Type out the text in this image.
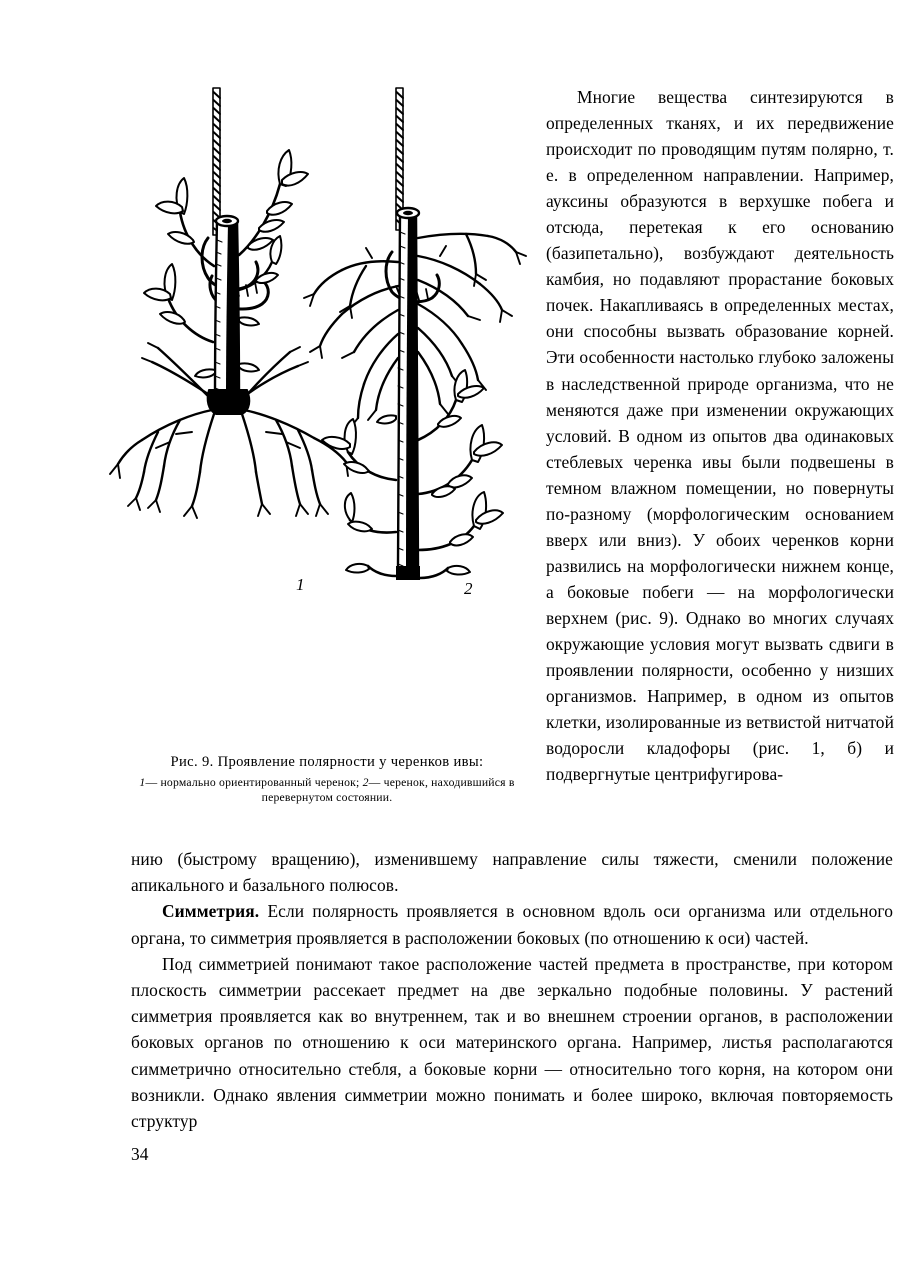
1	2
Рис. 9. Проявление полярности у черенков ивы:
1— нормально ориентированный черенок; 2— черенок, находившийся в перевернутом состоянии.

Многие вещества синтезируются в определенных тканях, и их передвижение происходит по проводящим путям полярно, т. е. в определенном направлении. Например, ауксины образуются в верхушке побега и отсюда, перетекая к его основанию (базипетально), возбуждают деятельность камбия, но подавляют прорастание боковых почек. Накапливаясь в определенных местах, они способны вызвать образование корней. Эти особенности настолько глубоко заложены в наследственной природе организма, что не меняются даже при изменении окружающих условий. В одном из опытов два одинаковых стеблевых черенка ивы были подвешены в темном влажном помещении, но повернуты по-разному (морфологическим основанием вверх или вниз). У обоих черенков корни развились на морфологически нижнем конце, а боковые побеги — на морфологически верхнем (рис. 9). Однако во многих случаях окружающие условия могут вызвать сдвиги в проявлении полярности, особенно у низших организмов. Например, в одном из опытов клетки, изолированные из ветвистой нитчатой водоросли кладофоры (рис. 1, б) и подвергнутые центрифугирова-

нию (быстрому вращению), изменившему направление силы тяжести, сменили положение апикального и базального полюсов.

Симметрия. Если полярность проявляется в основном вдоль оси организма или отдельного органа, то симметрия проявляется в расположении боковых (по отношению к оси) частей.

Под симметрией понимают такое расположение частей предмета в пространстве, при котором плоскость симметрии рассекает предмет на две зеркально подобные половины. У растений симметрия проявляется как во внутреннем, так и во внешнем строении органов, в расположении боковых органов по отношению к оси материнского органа. Например, листья располагаются симметрично относительно стебля, а боковые корни — относительно того корня, на котором они возникли. Однако явления симметрии можно понимать и более широко, включая повторяемость структур

34
